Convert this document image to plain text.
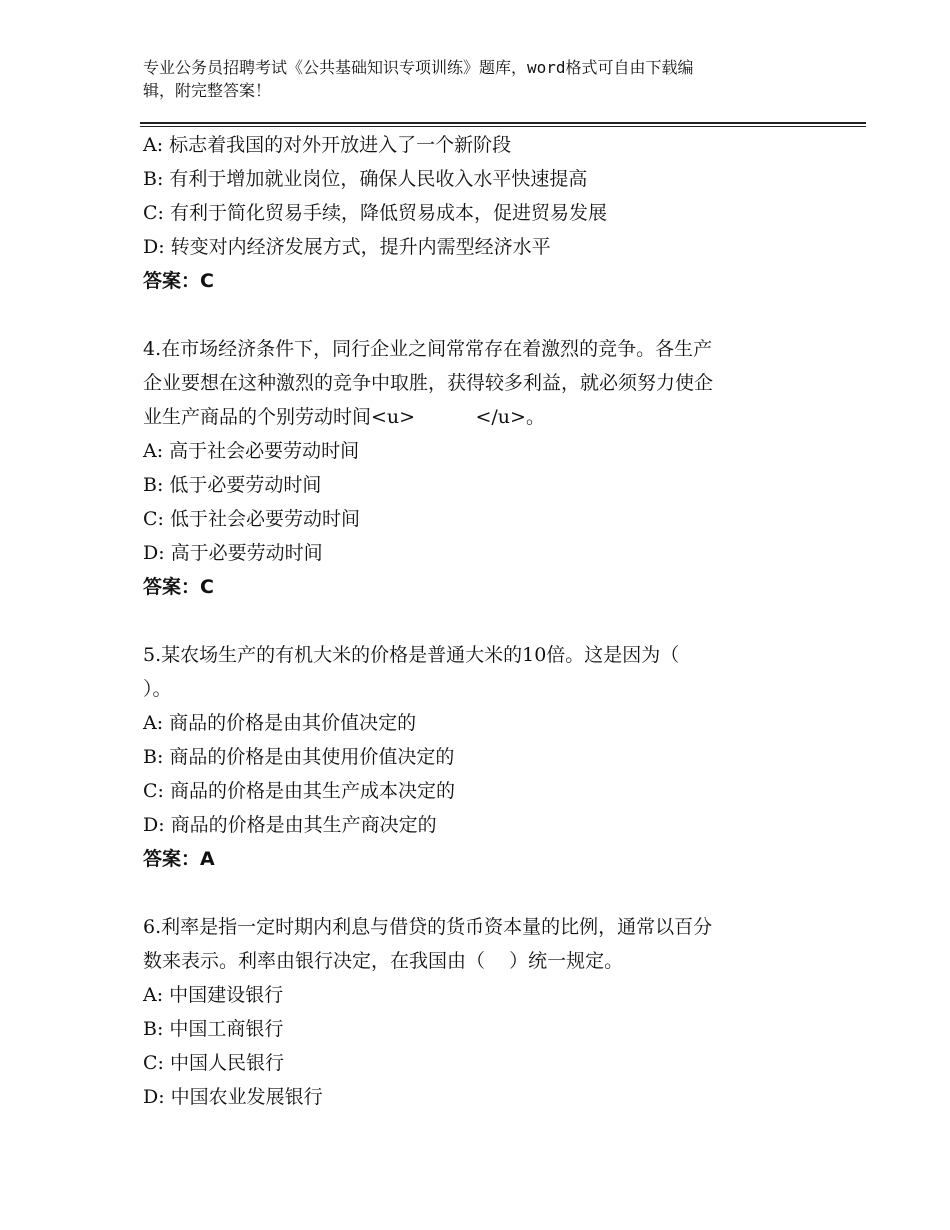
专业公务员招聘考试《公共基础知识专项训练》题库，word格式可自由下载编
辑，附完整答案！
A: 标志着我国的对外开放进入了一个新阶段
B: 有利于增加就业岗位，确保人民收入水平快速提高
C: 有利于简化贸易手续，降低贸易成本，促进贸易发展
D: 转变对内经济发展方式，提升内需型经济水平
答案：C
4.在市场经济条件下，同行企业之间常常存在着激烈的竞争。各生产
企业要想在这种激烈的竞争中取胜，获得较多利益，就必须努力使企
业生产商品的个别劳动时间<u>          </u>。
A: 高于社会必要劳动时间
B: 低于必要劳动时间
C: 低于社会必要劳动时间
D: 高于必要劳动时间
答案：C
5.某农场生产的有机大米的价格是普通大米的10倍。这是因为（
）。
A: 商品的价格是由其价值决定的
B: 商品的价格是由其使用价值决定的
C: 商品的价格是由其生产成本决定的
D: 商品的价格是由其生产商决定的
答案：A
6.利率是指一定时期内利息与借贷的货币资本量的比例，通常以百分
数来表示。利率由银行决定，在我国由（    ）统一规定。
A: 中国建设银行
B: 中国工商银行
C: 中国人民银行
D: 中国农业发展银行
